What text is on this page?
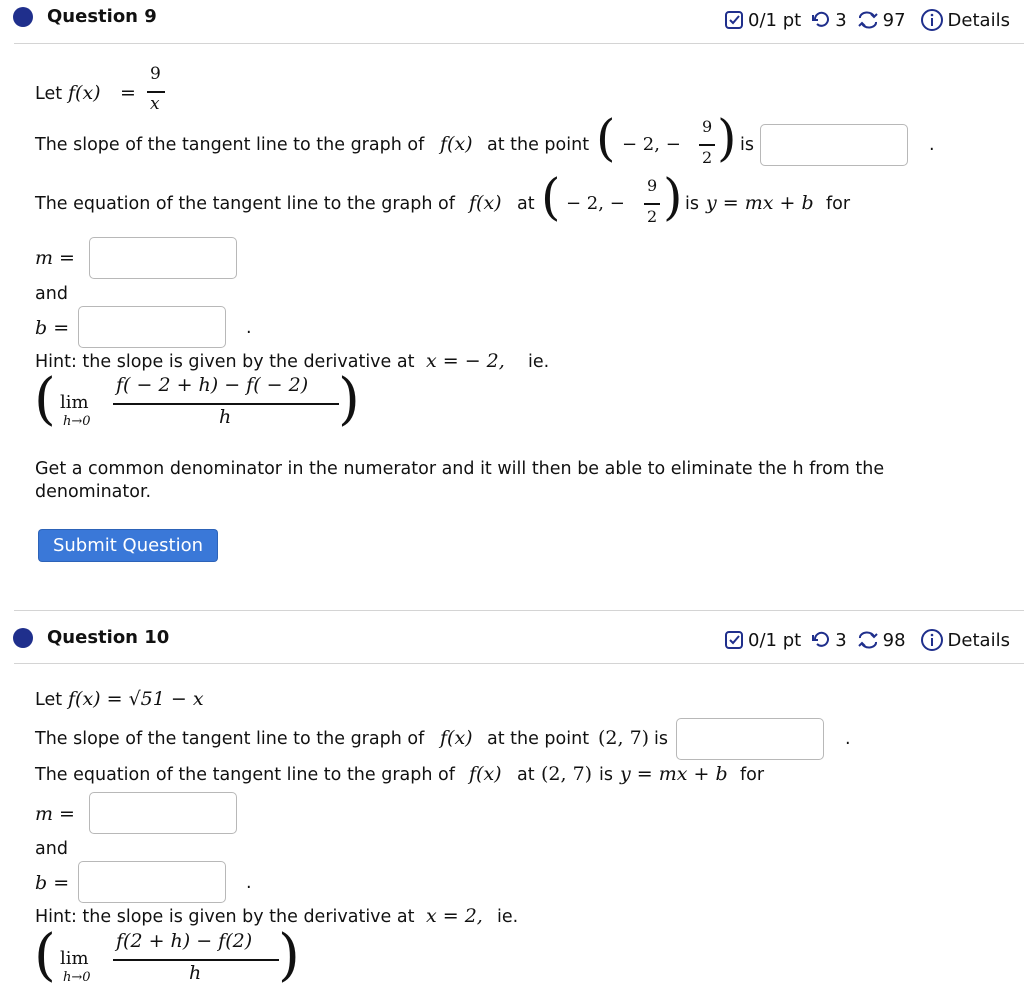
Question 9	0/1 pt 3 97 Details
Let f(x) =
9
x
The slope of the tangent line to the graph of f(x) at the point ( − 2, −
9
2 ) is	.
The equation of the tangent line to the graph of f(x) at ( − 2, −
9
2 ) is y = mx + b for
m =
and
b =	.
Hint: the slope is given by the derivative at x = − 2, ie.
( lim
h→0
f( − 2 + h) − f( − 2)
h )
Get a common denominator in the numerator and it will then be able to eliminate the h from the denominator.
Submit Question
Question 10	0/1 pt 3 98 Details
Let f(x) = √51 − x
The slope of the tangent line to the graph of f(x) at the point (2, 7) is	.
The equation of the tangent line to the graph of f(x) at (2, 7) is y = mx + b for
m =
and
b =	.
Hint: the slope is given by the derivative at x = 2, ie.
( lim
h→0
f(2 + h) − f(2)
h )
